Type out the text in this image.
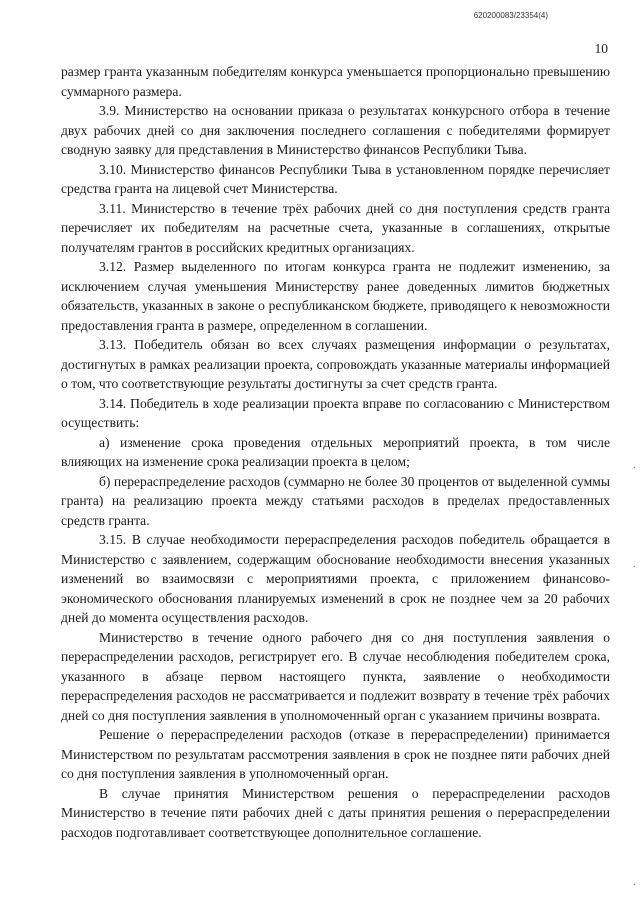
620200083/23354(4)
10

размер гранта указанным победителям конкурса уменьшается пропорционально превышению суммарного размера.

3.9. Министерство на основании приказа о результатах конкурсного отбора в течение двух рабочих дней со дня заключения последнего соглашения с победителями формирует сводную заявку для представления в Министерство финансов Республики Тыва.

3.10. Министерство финансов Республики Тыва в установленном порядке перечисляет средства гранта на лицевой счет Министерства.

3.11. Министерство в течение трёх рабочих дней со дня поступления средств гранта перечисляет их победителям на расчетные счета, указанные в соглашениях, открытые получателям грантов в российских кредитных организациях.

3.12. Размер выделенного по итогам конкурса гранта не подлежит изменению, за исключением случая уменьшения Министерству ранее доведенных лимитов бюджетных обязательств, указанных в законе о республиканском бюджете, приводящего к невозможности предоставления гранта в размере, определенном в соглашении.

3.13. Победитель обязан во всех случаях размещения информации о результатах, достигнутых в рамках реализации проекта, сопровождать указанные материалы информацией о том, что соответствующие результаты достигнуты за счет средств гранта.

3.14. Победитель в ходе реализации проекта вправе по согласованию с Министерством осуществить:

а) изменение срока проведения отдельных мероприятий проекта, в том числе влияющих на изменение срока реализации проекта в целом;

б) перераспределение расходов (суммарно не более 30 процентов от выделенной суммы гранта) на реализацию проекта между статьями расходов в пределах предоставленных средств гранта.

3.15. В случае необходимости перераспределения расходов победитель обращается в Министерство с заявлением, содержащим обоснование необходимости внесения указанных изменений во взаимосвязи с мероприятиями проекта, с приложением финансово-экономического обоснования планируемых изменений в срок не позднее чем за 20 рабочих дней до момента осуществления расходов.

Министерство в течение одного рабочего дня со дня поступления заявления о перераспределении расходов, регистрирует его. В случае несоблюдения победителем срока, указанного в абзаце первом настоящего пункта, заявление о необходимости перераспределения расходов не рассматривается и подлежит возврату в течение трёх рабочих дней со дня поступления заявления в уполномоченный орган с указанием причины возврата.

Решение о перераспределении расходов (отказе в перераспределении) принимается Министерством по результатам рассмотрения заявления в срок не позднее пяти рабочих дней со дня поступления заявления в уполномоченный орган.

В случае принятия Министерством решения о перераспределении расходов Министерство в течение пяти рабочих дней с даты принятия решения о перераспределении расходов подготавливает соответствующее дополнительное соглашение.

·
·
·
